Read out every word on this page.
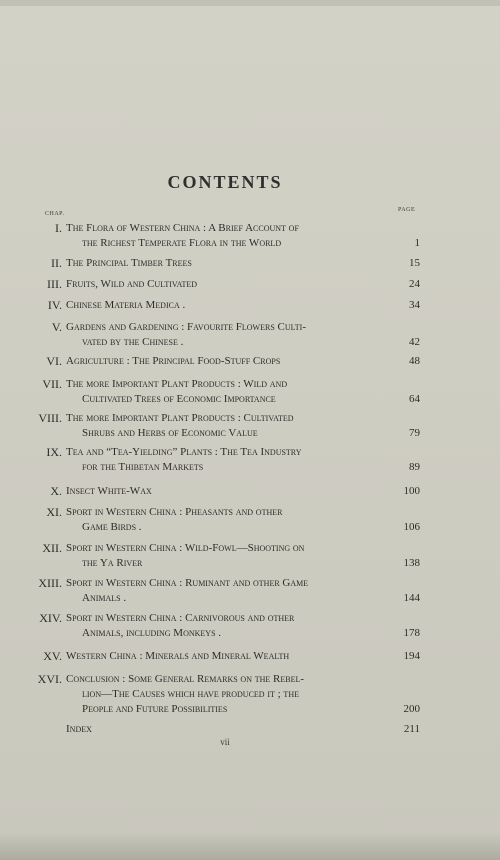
CONTENTS
CHAP.
PAGE
I. The Flora of Western China : A Brief Account of
the Richest Temperate Flora in the World	1
II. The Principal Timber Trees	15
III. Fruits, Wild and Cultivated	24
IV. Chinese Materia Medica .	34
V. Gardens and Gardening : Favourite Flowers Culti-
vated by the Chinese .	42
VI. Agriculture : The Principal Food-Stuff Crops	48
VII. The more Important Plant Products : Wild and
Cultivated Trees of Economic Importance	64
VIII. The more Important Plant Products : Cultivated
Shrubs and Herbs of Economic Value	79
IX. Tea and “Tea-Yielding” Plants : The Tea Industry
for the Thibetan Markets	89
X. Insect White-Wax	100
XI. Sport in Western China : Pheasants and other
Game Birds .	106
XII. Sport in Western China : Wild-Fowl—Shooting on
the Ya River	138
XIII. Sport in Western China : Ruminant and other Game
Animals .	144
XIV. Sport in Western China : Carnivorous and other
Animals, including Monkeys .	178
XV. Western China : Minerals and Mineral Wealth	194
XVI. Conclusion : Some General Remarks on the Rebel-
lion—The Causes which have produced it ; the
People and Future Possibilities	200
Index	211
vii
